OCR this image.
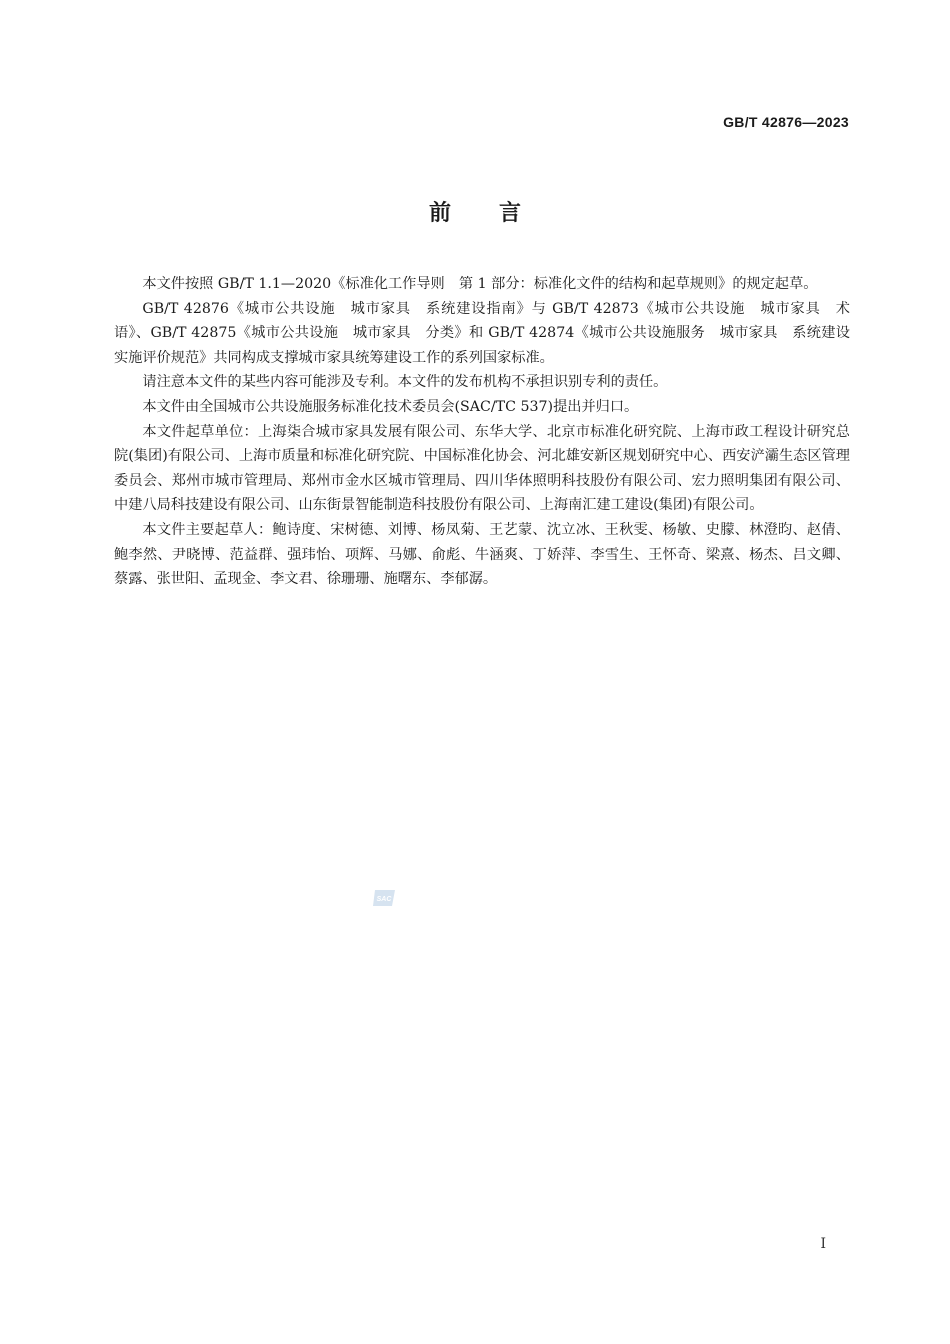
GB/T 42876—2023
前 言

本文件按照 GB/T 1.1—2020《标准化工作导则　第 1 部分：标准化文件的结构和起草规则》的规定起草。

GB/T 42876《城市公共设施　城市家具　系统建设指南》与 GB/T 42873《城市公共设施　城市家具　术语》、GB/T 42875《城市公共设施　城市家具　分类》和 GB/T 42874《城市公共设施服务　城市家具　系统建设实施评价规范》共同构成支撑城市家具统筹建设工作的系列国家标准。

请注意本文件的某些内容可能涉及专利。本文件的发布机构不承担识别专利的责任。

本文件由全国城市公共设施服务标准化技术委员会(SAC/TC 537)提出并归口。

本文件起草单位：上海柒合城市家具发展有限公司、东华大学、北京市标准化研究院、上海市政工程设计研究总院(集团)有限公司、上海市质量和标准化研究院、中国标准化协会、河北雄安新区规划研究中心、西安浐灞生态区管理委员会、郑州市城市管理局、郑州市金水区城市管理局、四川华体照明科技股份有限公司、宏力照明集团有限公司、中建八局科技建设有限公司、山东街景智能制造科技股份有限公司、上海南汇建工建设(集团)有限公司。

本文件主要起草人：鲍诗度、宋树德、刘博、杨凤菊、王艺蒙、沈立冰、王秋雯、杨敏、史朦、林澄昀、赵倩、鲍李然、尹晓博、范益群、强玮怡、项辉、马娜、俞彪、牛涵爽、丁娇萍、李雪生、王怀奇、梁熹、杨杰、吕文卿、蔡露、张世阳、孟现金、李文君、徐珊珊、施曙东、李郁潺。

SAC
I
